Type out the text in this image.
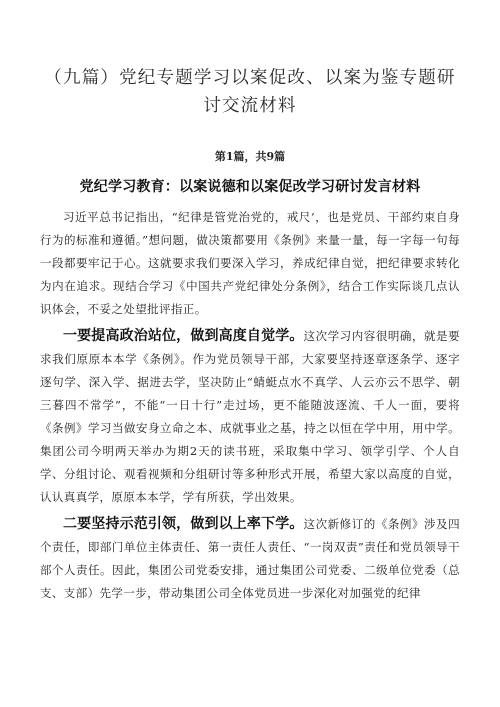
（九篇）党纪专题学习以案促改、以案为鉴专题研讨交流材料
第1篇，共9篇
党纪学习教育：以案说德和以案促改学习研讨发言材料

习近平总书记指出，“纪律是管党治党的，戒尺’，也是党员、干部约束自身行为的标准和遵循。”想问题，做决策都要用《条例》来量一量，每一字每一句每一段都要牢记于心。这就要求我们要深入学习，养成纪律自觉，把纪律要求转化为内在追求。现结合学习《中国共产党纪律处分条例》，结合工作实际谈几点认识体会，不妥之处望批评指正。

一要提高政治站位，做到高度自觉学。这次学习内容很明确，就是要求我们原原本本学《条例》。作为党员领导干部，大家要坚持逐章逐条学、逐字逐句学、深入学、据进去学，坚决防止“蜻蜓点水不真学、人云亦云不思学、朝三暮四不常学”，不能“一日十行”走过场，更不能随波逐流、千人一面，要将《条例》学习当做安身立命之本、成就事业之基，持之以恒在学中用，用中学。集团公司今明两天举办为期2天的读书班，采取集中学习、领学引学、个人自学、分组讨论、观看视频和分组研讨等多种形式开展，希望大家以高度的自觉，认认真真学，原原本本学，学有所获，学出效果。

二要坚持示范引领，做到以上率下学。这次新修订的《条例》涉及四个责任，即部门单位主体责任、第一责任人责任、“一岗双责”责任和党员领导干部个人责任。因此，集团公司党委安排，通过集团公司党委、二级单位党委（总支、支部）先学一步，带动集团公司全体党员进一步深化对加强党的纪律
